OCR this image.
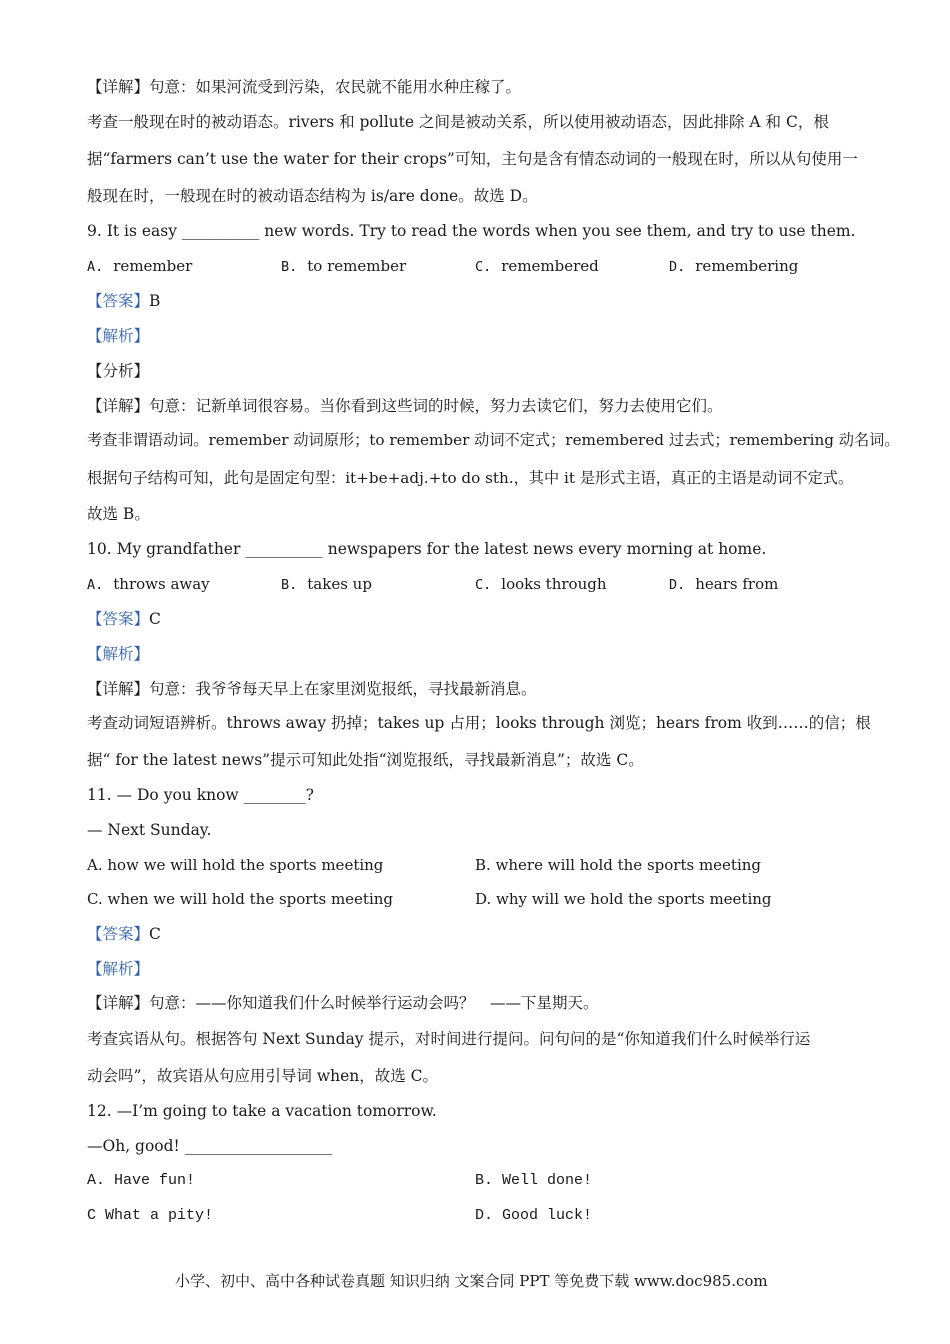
【详解】句意：如果河流受到污染，农民就不能用水种庄稼了。
考查一般现在时的被动语态。rivers 和 pollute 之间是被动关系，所以使用被动语态，因此排除 A 和 C，根
据“farmers can’t use the water for their crops”可知，主句是含有情态动词的一般现在时，所以从句使用一
般现在时，一般现在时的被动语态结构为 is/are done。故选 D。
9. It is easy __________ new words. Try to read the words when you see them, and try to use them.
A. remember	B. to remember	C. remembered	D. remembering
【答案】B
【解析】
【分析】
【详解】句意：记新单词很容易。当你看到这些词的时候，努力去读它们，努力去使用它们。
考查非谓语动词。remember 动词原形；to remember 动词不定式；remembered 过去式；remembering 动名词。
根据句子结构可知，此句是固定句型：it+be+adj.+to do sth.，其中 it 是形式主语，真正的主语是动词不定式。
故选 B。
10. My grandfather __________ newspapers for the latest news every morning at home.
A. throws away	B. takes up	C. looks through	D. hears from
【答案】C
【解析】
【详解】句意：我爷爷每天早上在家里浏览报纸，寻找最新消息。
考查动词短语辨析。throws away 扔掉；takes up 占用；looks through 浏览；hears from 收到……的信；根
据“ for the latest news”提示可知此处指“浏览报纸，寻找最新消息”；故选 C。
11. — Do you know ________?
— Next Sunday.
A. how we will hold the sports meeting	B. where will hold the sports meeting
C. when we will hold the sports meeting	D. why will we hold the sports meeting
【答案】C
【解析】
【详解】句意：——你知道我们什么时候举行运动会吗？　——下星期天。
考查宾语从句。根据答句 Next Sunday 提示，对时间进行提问。问句问的是“你知道我们什么时候举行运
动会吗”，故宾语从句应用引导词 when，故选 C。
12. —I’m going to take a vacation tomorrow.
—Oh, good! ___________________
A. Have fun!	B. Well done!
C What a pity!	D. Good luck!
小学、初中、高中各种试卷真题 知识归纳 文案合同 PPT 等免费下载 www.doc985.com
